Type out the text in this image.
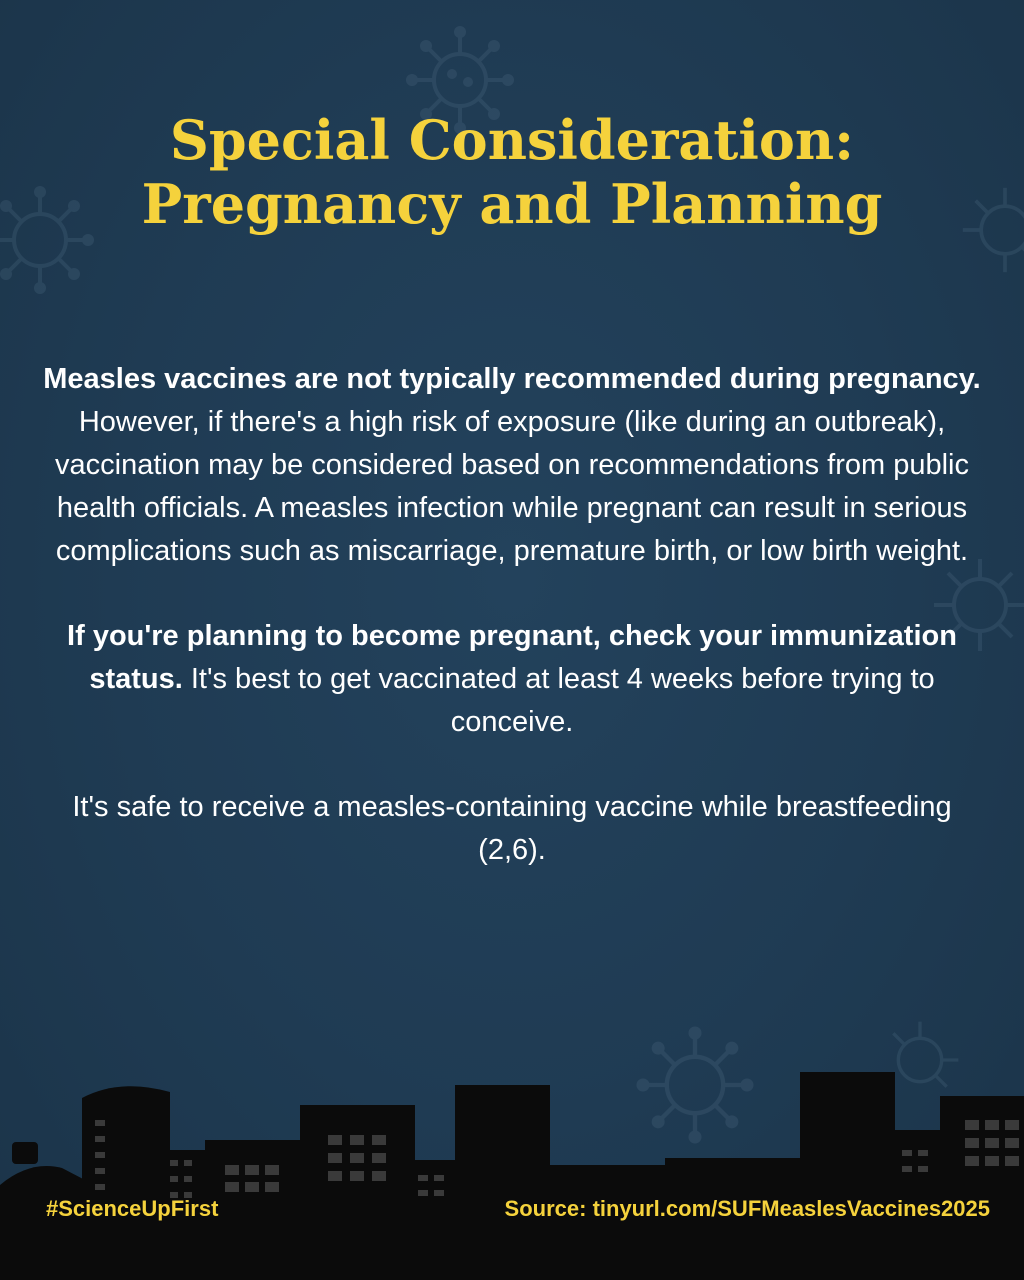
Special Consideration:
Pregnancy and Planning

Measles vaccines are not typically recommended during pregnancy. However, if there's a high risk of exposure (like during an outbreak), vaccination may be considered based on recommendations from public health officials. A measles infection while pregnant can result in serious complications such as miscarriage, premature birth, or low birth weight.

If you're planning to become pregnant, check your immunization status. It's best to get vaccinated at least 4 weeks before trying to conceive.

It's safe to receive a measles-containing vaccine while breastfeeding (2,6).

#ScienceUpFirst	Source: tinyurl.com/SUFMeaslesVaccines2025
